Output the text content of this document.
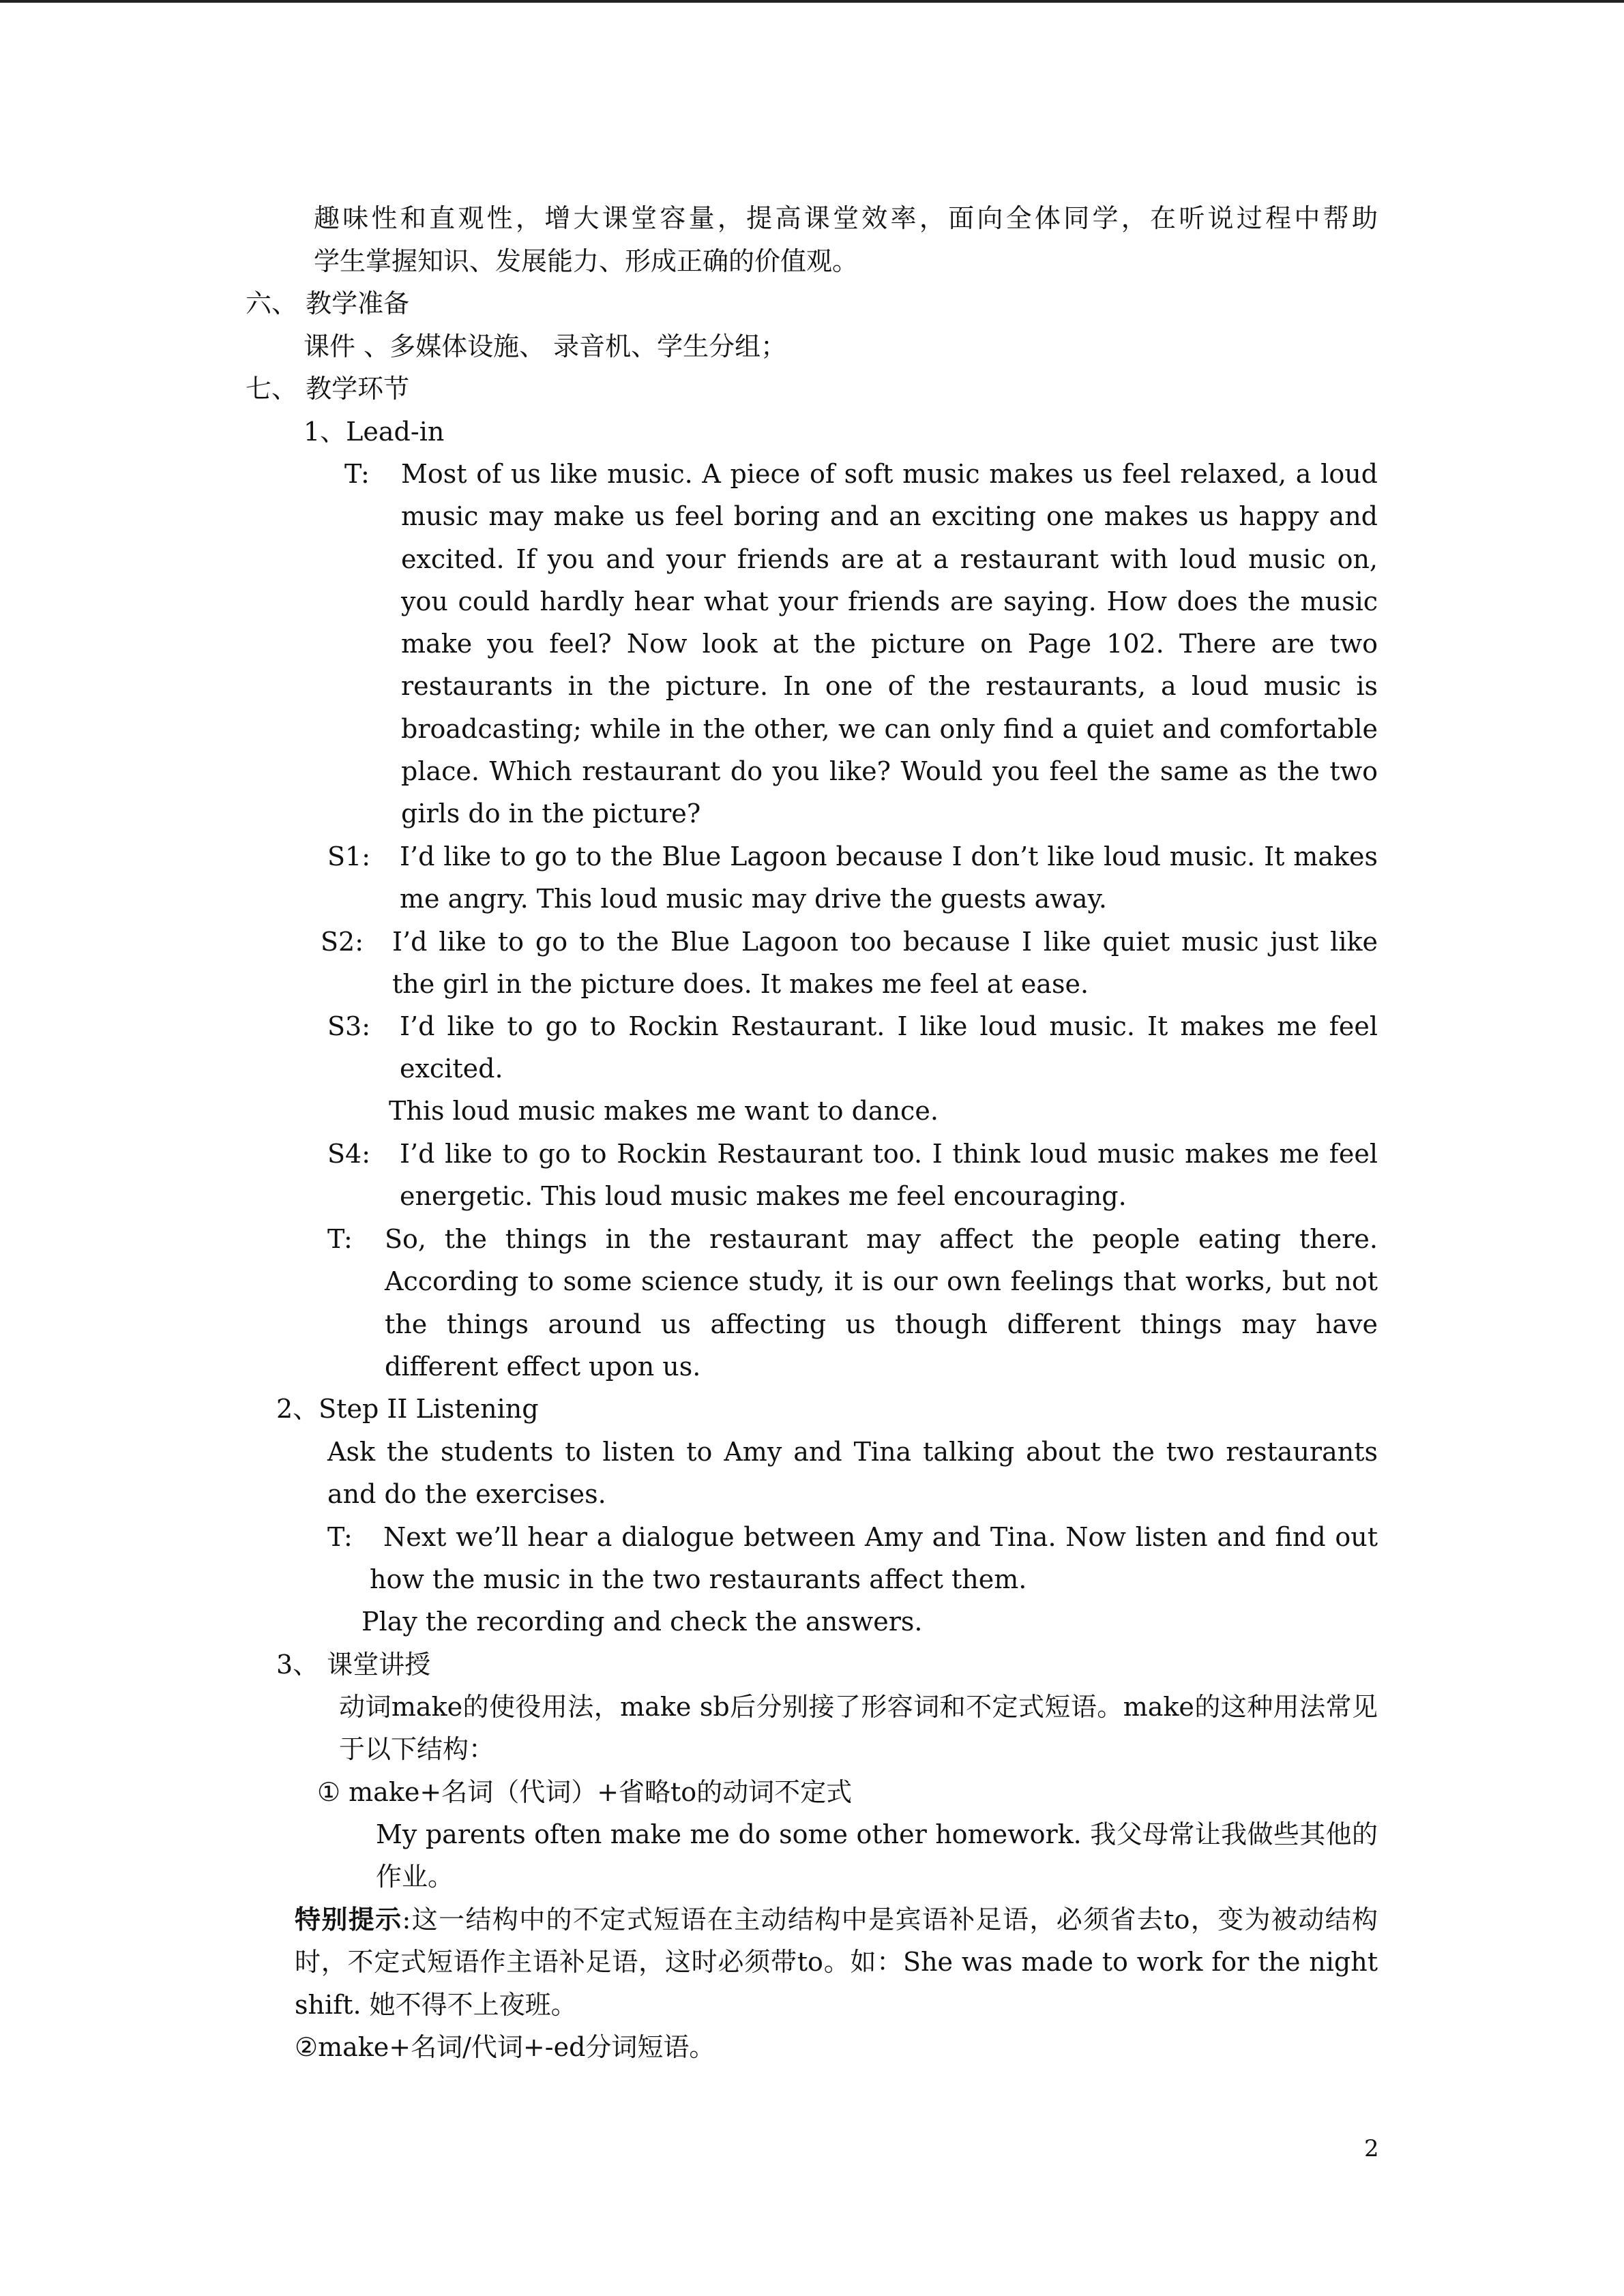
趣味性和直观性，增大课堂容量，提高课堂效率，面向全体同学，在听说过程中帮助
学生掌握知识、发展能力、形成正确的价值观。
六、 教学准备
课件 、多媒体设施、 录音机、学生分组；
七、 教学环节
1、Lead-in
T: Most of us like music. A piece of soft music makes us feel relaxed, a loud music may make us feel boring and an exciting one makes us happy and excited. If you and your friends are at a restaurant with loud music on, you could hardly hear what your friends are saying. How does the music make you feel? Now look at the picture on Page 102. There are two restaurants in the picture. In one of the restaurants, a loud music is broadcasting; while in the other, we can only find a quiet and comfortable place. Which restaurant do you like? Would you feel the same as the two girls do in the picture?
S1: I’d like to go to the Blue Lagoon because I don’t like loud music. It makes me angry. This loud music may drive the guests away.
S2: I’d like to go to the Blue Lagoon too because I like quiet music just like the girl in the picture does. It makes me feel at ease.
S3: I’d like to go to Rockin Restaurant. I like loud music. It makes me feel excited.
This loud music makes me want to dance.
S4: I’d like to go to Rockin Restaurant too. I think loud music makes me feel energetic. This loud music makes me feel encouraging.
T: So, the things in the restaurant may affect the people eating there. According to some science study, it is our own feelings that works, but not the things around us affecting us though different things may have different effect upon us.
2、Step II Listening
Ask the students to listen to Amy and Tina talking about the two restaurants and do the exercises.
T:	Next we’ll hear a dialogue between Amy and Tina. Now listen and find out how the music in the two restaurants affect them.
Play the recording and check the answers.
3、 课堂讲授
动词make的使役用法，make sb后分别接了形容词和不定式短语。make的这种用法常见于以下结构：
① make+名词（代词）+省略to的动词不定式
My parents often make me do some other homework. 我父母常让我做些其他的作业。
特别提示:这一结构中的不定式短语在主动结构中是宾语补足语，必须省去to，变为被动结构时，不定式短语作主语补足语，这时必须带to。如：She was made to work for the night shift. 她不得不上夜班。
②make+名词/代词+-ed分词短语。
2
